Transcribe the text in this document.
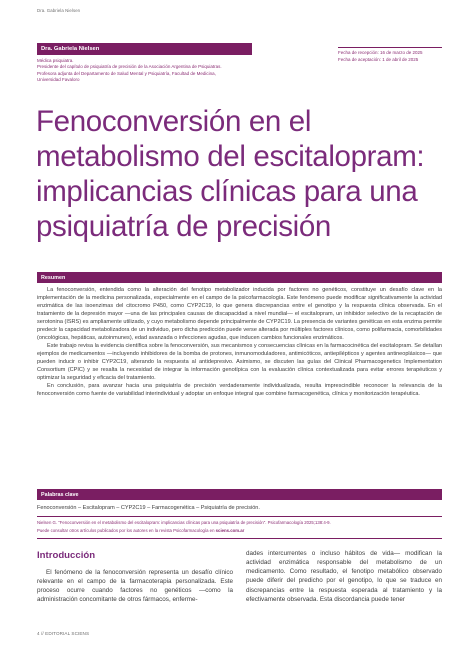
Dra. Gabriela Nielsen
Dra. Gabriela Nielsen
Médica psiquiatra.
Presidente del capítulo de psiquiatría de precisión de la Asociación Argentina de Psiquiatras.
Profesora adjunta del Departamento de Salud Mental y Psiquiatría, Facultad de Medicina,
Universidad Favaloro
Fecha de recepción: 16 de marzo de 2025
Fecha de aceptación: 1 de abril de 2025
Fenoconversión en el metabolismo del escitalopram: implicancias clínicas para una psiquiatría de precisión
Resumen

La fenoconversión, entendida como la alteración del fenotipo metabolizador inducida por factores no genéticos, constituye un desafío clave en la implementación de la medicina personalizada, especialmente en el campo de la psicofarmacología. Este fenómeno puede modificar significativamente la actividad enzimática de las isoenzimas del citocromo P450, como CYP2C19, lo que genera discrepancias entre el genotipo y la respuesta clínica observada. En el tratamiento de la depresión mayor —una de las principales causas de discapacidad a nivel mundial— el escitalopram, un inhibidor selectivo de la recaptación de serotonina (ISRS) es ampliamente utilizado, y cuyo metabolismo depende principalmente de CYP2C19. La presencia de variantes genéticas en esta enzima permite predecir la capacidad metabolizadora de un individuo, pero dicha predicción puede verse alterada por múltiples factores clínicos, como polifarmacia, comorbilidades (oncológicas, hepáticas, autoinmunes), edad avanzada o infecciones agudas, que inducen cambios funcionales enzimáticos.

Este trabajo revisa la evidencia científica sobre la fenoconversión, sus mecanismos y consecuencias clínicas en la farmacocinética del escitalopram. Se detallan ejemplos de medicamentos —incluyendo inhibidores de la bomba de protones, inmunomoduladores, antimicóticos, antiepilépticos y agentes antineoplásicos— que pueden inducir o inhibir CYP2C19, alterando la respuesta al antidepresivo. Asimismo, se discuten las guías del Clinical Pharmacogenetics Implementation Consortium (CPIC) y se resalta la necesidad de integrar la información genotípica con la evaluación clínica contextualizada para evitar errores terapéuticos y optimizar la seguridad y eficacia del tratamiento.

En conclusión, para avanzar hacia una psiquiatría de precisión verdaderamente individualizada, resulta imprescindible reconocer la relevancia de la fenoconversión como fuente de variabilidad interindividual y adoptar un enfoque integral que combine farmacogenética, clínica y monitorización terapéutica.

Palabras clave
Fenoconversión – Escitalopram – CYP2C19 – Farmacogenética – Psiquiatría de precisión.
Nielsen G. "Fenoconversión en el metabolismo del escitalopram: implicancias clínicas para una psiquiatría de precisión". Psicofarmacología 2025;138:4-9.
Puede consultar otros artículos publicados por los autores en la revista Psicofarmacología en sciens.com.ar
Introducción

El fenómeno de la fenoconversión representa un desafío clínico relevante en el campo de la farmacoterapia personalizada. Este proceso ocurre cuando factores no genéticos —como la administración concomitante de otros fármacos, enferme-

dades intercurrentes o incluso hábitos de vida— modifican la actividad enzimática responsable del metabolismo de un medicamento. Como resultado, el fenotipo metabólico observado puede diferir del predicho por el genotipo, lo que se traduce en discrepancias entre la respuesta esperada al tratamiento y la efectivamente observada. Esta discordancia puede tener

4 // EDITORIAL SCIENS
